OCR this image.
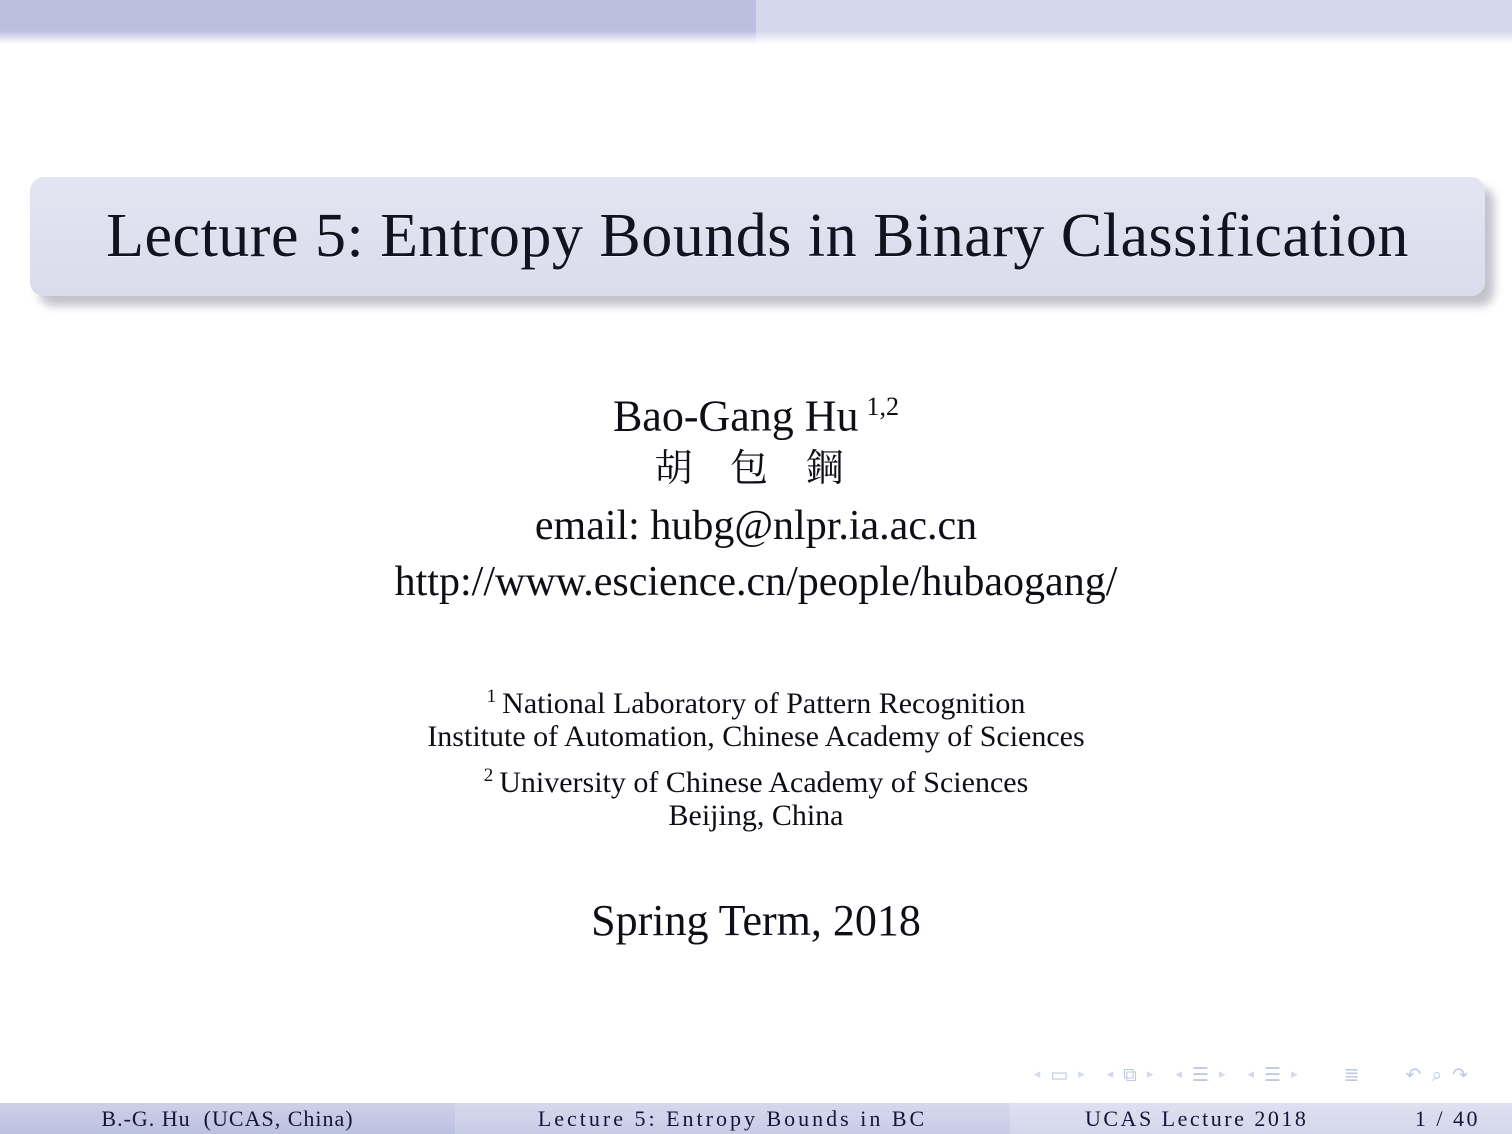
Lecture 5: Entropy Bounds in Binary Classification
Bao-Gang Hu $^{1,2}$
胡 包 鋼
email: hubg@nlpr.ia.ac.cn
http://www.escience.cn/people/hubaogang/
$^1$ National Laboratory of Pattern Recognition
Institute of Automation, Chinese Academy of Sciences
$^2$ University of Chinese Academy of Sciences
Beijing, China
Spring Term, 2018
◂ ▭ ▸ ◂ ⧉ ▸ ◂ ☰ ▸ ◂ ☰ ▸ ≣ ↶ ⌕ ↷
B.-G. Hu  (UCAS, China)	Lecture 5: Entropy Bounds in BC	UCAS Lecture 2018	1 / 40
